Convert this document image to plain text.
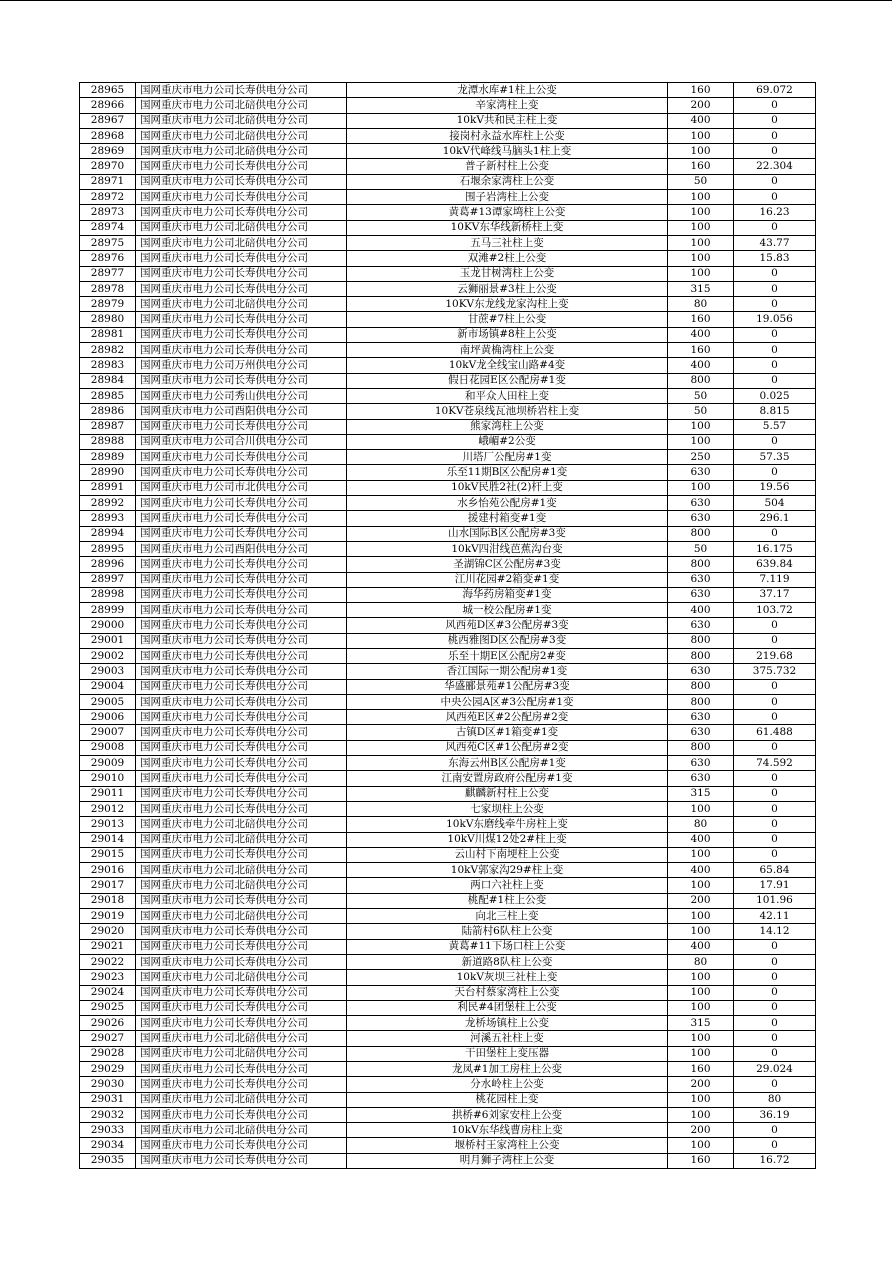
28965	国网重庆市电力公司长寿供电分公司	龙潭水库#1柱上公变	160	69.072
28966	国网重庆市电力公司北碚供电分公司	辛家湾柱上变	200	0
28967	国网重庆市电力公司北碚供电分公司	10kV共和民主柱上变	400	0
28968	国网重庆市电力公司北碚供电分公司	接岗村永益水库柱上公变	100	0
28969	国网重庆市电力公司北碚供电分公司	10kV代峰线马脑头1柱上变	100	0
28970	国网重庆市电力公司长寿供电分公司	普子新村柱上公变	160	22.304
28971	国网重庆市电力公司长寿供电分公司	石堰余家湾柱上公变	50	0
28972	国网重庆市电力公司长寿供电分公司	围子岩湾柱上公变	100	0
28973	国网重庆市电力公司长寿供电分公司	黄葛#13谭家塆柱上公变	100	16.23
28974	国网重庆市电力公司北碚供电分公司	10KV东华线新桥柱上变	100	0
28975	国网重庆市电力公司北碚供电分公司	五马三社柱上变	100	43.77
28976	国网重庆市电力公司长寿供电分公司	双滩#2柱上公变	100	15.83
28977	国网重庆市电力公司长寿供电分公司	玉龙甘树湾柱上公变	100	0
28978	国网重庆市电力公司长寿供电分公司	云狮丽景#3柱上公变	315	0
28979	国网重庆市电力公司北碚供电分公司	10KV东龙线龙家沟柱上变	80	0
28980	国网重庆市电力公司长寿供电分公司	甘蔗#7柱上公变	160	19.056
28981	国网重庆市电力公司长寿供电分公司	新市场镇#8柱上公变	400	0
28982	国网重庆市电力公司长寿供电分公司	南坪黄桷湾柱上公变	160	0
28983	国网重庆市电力公司万州供电分公司	10kV龙全线宝山路#4变	400	0
28984	国网重庆市电力公司长寿供电分公司	假日花园E区公配房#1变	800	0
28985	国网重庆市电力公司秀山供电分公司	和平众人田柱上变	50	0.025
28986	国网重庆市电力公司酉阳供电分公司	10KV苍泉线瓦池坝桥岩柱上变	50	8.815
28987	国网重庆市电力公司长寿供电分公司	熊家湾柱上公变	100	5.57
28988	国网重庆市电力公司合川供电分公司	峨嵋#2公变	100	0
28989	国网重庆市电力公司长寿供电分公司	川塔厂公配房#1变	250	57.35
28990	国网重庆市电力公司长寿供电分公司	乐至11期B区公配房#1变	630	0
28991	国网重庆市电力公司市北供电分公司	10kV民胜2社(2)杆上变	100	19.56
28992	国网重庆市电力公司长寿供电分公司	水乡怡苑公配房#1变	630	504
28993	国网重庆市电力公司长寿供电分公司	援建村箱变#1变	630	296.1
28994	国网重庆市电力公司长寿供电分公司	山水国际B区公配房#3变	800	0
28995	国网重庆市电力公司酉阳供电分公司	10kV四泔线芭蕉沟台变	50	16.175
28996	国网重庆市电力公司长寿供电分公司	圣湖锦C区公配房#3变	800	639.84
28997	国网重庆市电力公司长寿供电分公司	江川花园#2箱变#1变	630	7.119
28998	国网重庆市电力公司长寿供电分公司	海华药房箱变#1变	630	37.17
28999	国网重庆市电力公司长寿供电分公司	城一校公配房#1变	400	103.72
29000	国网重庆市电力公司长寿供电分公司	风西苑D区#3公配房#3变	630	0
29001	国网重庆市电力公司长寿供电分公司	桃西雅图D区公配房#3变	800	0
29002	国网重庆市电力公司长寿供电分公司	乐至十期E区公配房2#变	800	219.68
29003	国网重庆市电力公司长寿供电分公司	香江国际一期公配房#1变	630	375.732
29004	国网重庆市电力公司长寿供电分公司	华盛郦景苑#1公配房#3变	800	0
29005	国网重庆市电力公司长寿供电分公司	中央公园A区#3公配房#1变	800	0
29006	国网重庆市电力公司长寿供电分公司	风西苑E区#2公配房#2变	630	0
29007	国网重庆市电力公司长寿供电分公司	古镇D区#1箱变#1变	630	61.488
29008	国网重庆市电力公司长寿供电分公司	风西苑C区#1公配房#2变	800	0
29009	国网重庆市电力公司长寿供电分公司	东海云州B区公配房#1变	630	74.592
29010	国网重庆市电力公司长寿供电分公司	江南安置房政府公配房#1变	630	0
29011	国网重庆市电力公司长寿供电分公司	麒麟新村柱上公变	315	0
29012	国网重庆市电力公司长寿供电分公司	七家坝柱上公变	100	0
29013	国网重庆市电力公司北碚供电分公司	10kV东磨线牵牛房柱上变	80	0
29014	国网重庆市电力公司北碚供电分公司	10kV川煤12处2#柱上变	400	0
29015	国网重庆市电力公司长寿供电分公司	云山村下南埂柱上公变	100	0
29016	国网重庆市电力公司北碚供电分公司	10kV郭家沟29#柱上变	400	65.84
29017	国网重庆市电力公司北碚供电分公司	两口六社柱上变	100	17.91
29018	国网重庆市电力公司长寿供电分公司	桃配#1柱上公变	200	101.96
29019	国网重庆市电力公司北碚供电分公司	向北三柱上变	100	42.11
29020	国网重庆市电力公司长寿供电分公司	陆箭村6队柱上公变	100	14.12
29021	国网重庆市电力公司长寿供电分公司	黄葛#11下场口柱上公变	400	0
29022	国网重庆市电力公司长寿供电分公司	新道路8队柱上公变	80	0
29023	国网重庆市电力公司北碚供电分公司	10kV灰坝三社柱上变	100	0
29024	国网重庆市电力公司长寿供电分公司	天台村蔡家湾柱上公变	100	0
29025	国网重庆市电力公司长寿供电分公司	利民#4团堡柱上公变	100	0
29026	国网重庆市电力公司长寿供电分公司	龙桥场镇柱上公变	315	0
29027	国网重庆市电力公司北碚供电分公司	河溪五社柱上变	100	0
29028	国网重庆市电力公司北碚供电分公司	干田堡柱上变压器	100	0
29029	国网重庆市电力公司长寿供电分公司	龙凤#1加工房柱上公变	160	29.024
29030	国网重庆市电力公司长寿供电分公司	分水岭柱上公变	200	0
29031	国网重庆市电力公司北碚供电分公司	桃花园柱上变	100	80
29032	国网重庆市电力公司长寿供电分公司	拱桥#6刘家安柱上公变	100	36.19
29033	国网重庆市电力公司北碚供电分公司	10kV东华线曹房柱上变	200	0
29034	国网重庆市电力公司长寿供电分公司	堰桥村王家湾柱上公变	100	0
29035	国网重庆市电力公司长寿供电分公司	明月狮子湾柱上公变	160	16.72
